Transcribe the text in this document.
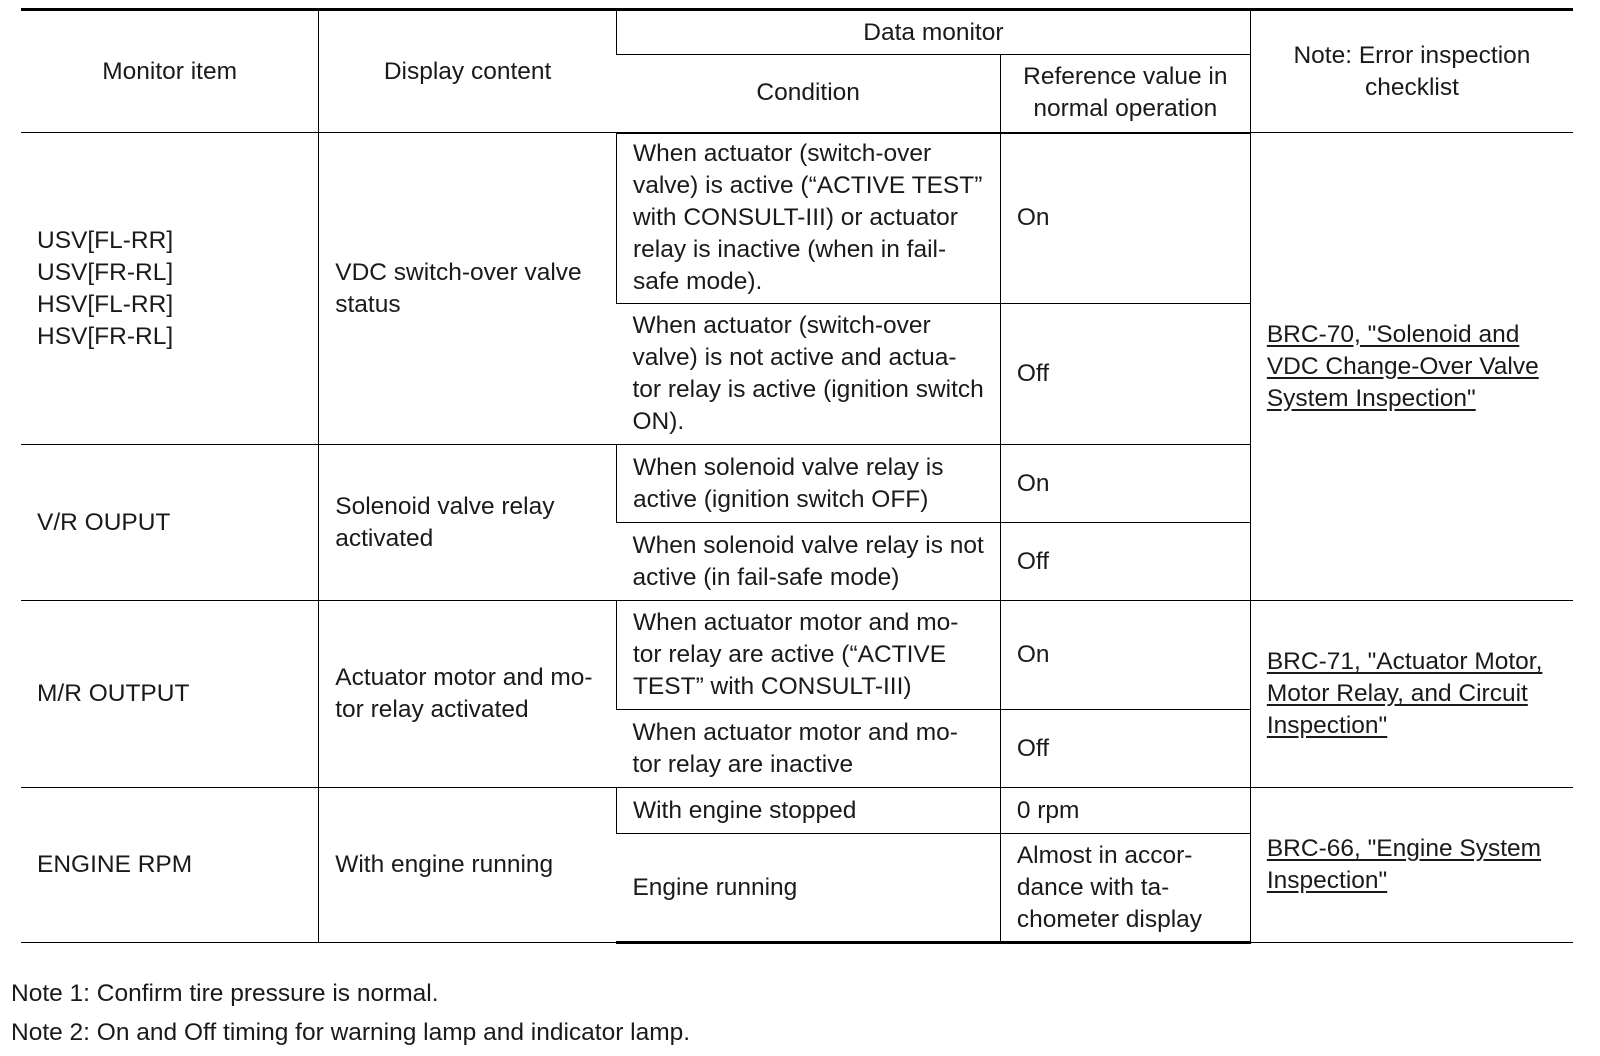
Monitor item	Display content	Data monitor		Note: Error inspection checklist
		Condition	Reference value in normal operation	

USV[FL-RR]
USV[FR-RL]
HSV[FL-RR]
HSV[FR-RL]	VDC switch-over valve status	When actuator (switch-over valve) is active (“ACTIVE TEST” with CONSULT-III) or actuator relay is inactive (when in fail-safe mode).	On	BRC-70, "Solenoid and VDC Change-Over Valve System Inspection"
		When actuator (switch-over valve) is not active and actua-tor relay is active (ignition switch ON).	Off	
V/R OUPUT	Solenoid valve relay activated	When solenoid valve relay is active (ignition switch OFF)	On	
		When solenoid valve relay is not active (in fail-safe mode)	Off	
M/R OUTPUT	Actuator motor and mo-tor relay activated	When actuator motor and mo-tor relay are active (“ACTIVE TEST” with CONSULT-III)	On	BRC-71, "Actuator Motor, Motor Relay, and Circuit Inspection"
		When actuator motor and mo-tor relay are inactive	Off	
ENGINE RPM	With engine running	With engine stopped	0 rpm	BRC-66, "Engine System Inspection"
		Engine running	Almost in accor-dance with ta-chometer display	
Note 1: Confirm tire pressure is normal.
Note 2: On and Off timing for warning lamp and indicator lamp.
